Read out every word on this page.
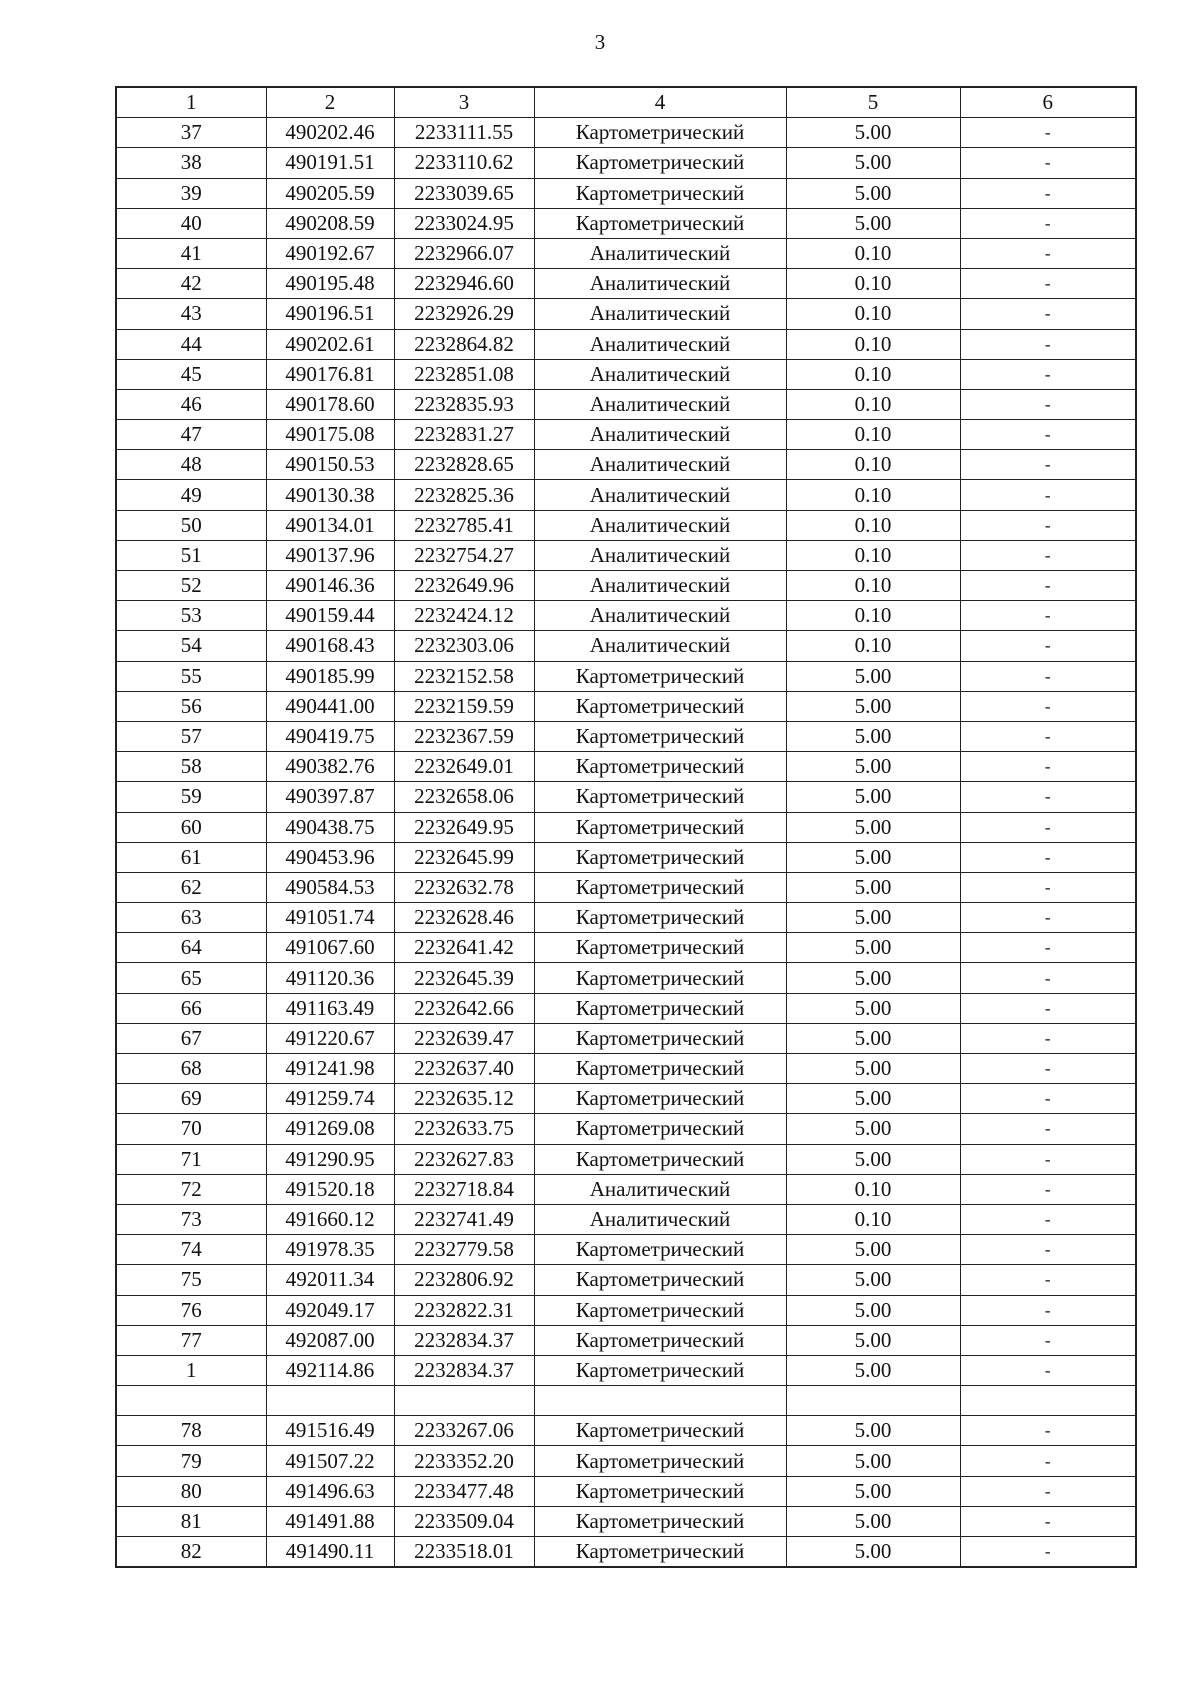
3
1	2	3	4	5	6
37	490202.46	2233111.55	Картометрический	5.00	-
38	490191.51	2233110.62	Картометрический	5.00	-
39	490205.59	2233039.65	Картометрический	5.00	-
40	490208.59	2233024.95	Картометрический	5.00	-
41	490192.67	2232966.07	Аналитический	0.10	-
42	490195.48	2232946.60	Аналитический	0.10	-
43	490196.51	2232926.29	Аналитический	0.10	-
44	490202.61	2232864.82	Аналитический	0.10	-
45	490176.81	2232851.08	Аналитический	0.10	-
46	490178.60	2232835.93	Аналитический	0.10	-
47	490175.08	2232831.27	Аналитический	0.10	-
48	490150.53	2232828.65	Аналитический	0.10	-
49	490130.38	2232825.36	Аналитический	0.10	-
50	490134.01	2232785.41	Аналитический	0.10	-
51	490137.96	2232754.27	Аналитический	0.10	-
52	490146.36	2232649.96	Аналитический	0.10	-
53	490159.44	2232424.12	Аналитический	0.10	-
54	490168.43	2232303.06	Аналитический	0.10	-
55	490185.99	2232152.58	Картометрический	5.00	-
56	490441.00	2232159.59	Картометрический	5.00	-
57	490419.75	2232367.59	Картометрический	5.00	-
58	490382.76	2232649.01	Картометрический	5.00	-
59	490397.87	2232658.06	Картометрический	5.00	-
60	490438.75	2232649.95	Картометрический	5.00	-
61	490453.96	2232645.99	Картометрический	5.00	-
62	490584.53	2232632.78	Картометрический	5.00	-
63	491051.74	2232628.46	Картометрический	5.00	-
64	491067.60	2232641.42	Картометрический	5.00	-
65	491120.36	2232645.39	Картометрический	5.00	-
66	491163.49	2232642.66	Картометрический	5.00	-
67	491220.67	2232639.47	Картометрический	5.00	-
68	491241.98	2232637.40	Картометрический	5.00	-
69	491259.74	2232635.12	Картометрический	5.00	-
70	491269.08	2232633.75	Картометрический	5.00	-
71	491290.95	2232627.83	Картометрический	5.00	-
72	491520.18	2232718.84	Аналитический	0.10	-
73	491660.12	2232741.49	Аналитический	0.10	-
74	491978.35	2232779.58	Картометрический	5.00	-
75	492011.34	2232806.92	Картометрический	5.00	-
76	492049.17	2232822.31	Картометрический	5.00	-
77	492087.00	2232834.37	Картометрический	5.00	-
1	492114.86	2232834.37	Картометрический	5.00	-

78	491516.49	2233267.06	Картометрический	5.00	-
79	491507.22	2233352.20	Картометрический	5.00	-
80	491496.63	2233477.48	Картометрический	5.00	-
81	491491.88	2233509.04	Картометрический	5.00	-
82	491490.11	2233518.01	Картометрический	5.00	-
